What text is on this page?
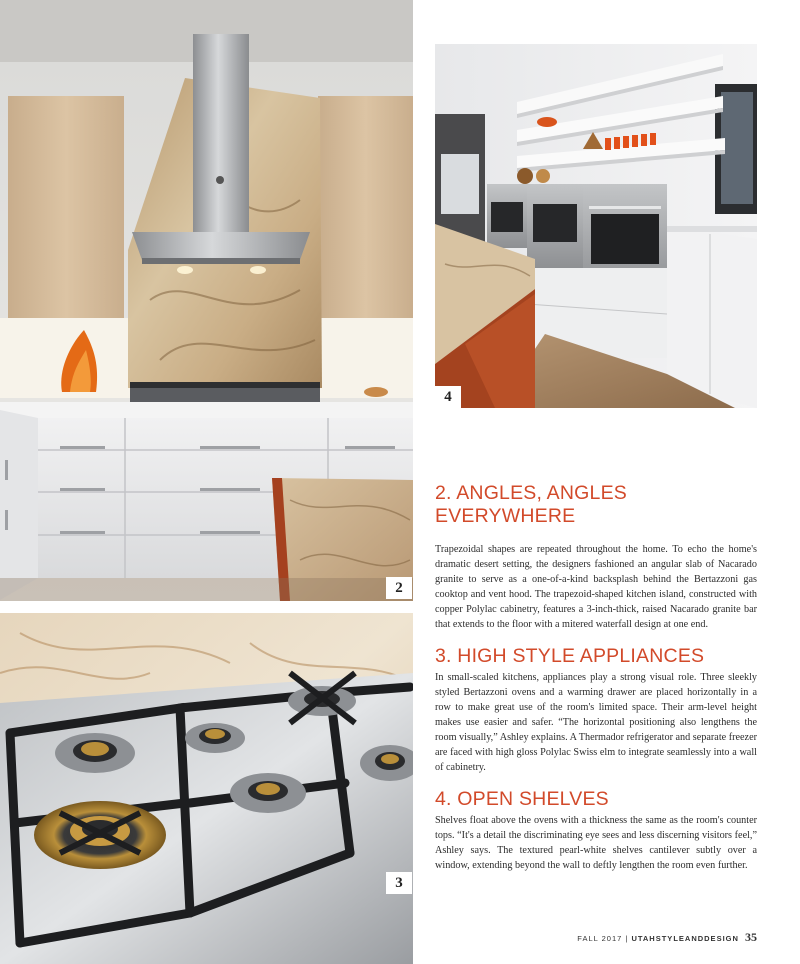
2
4
3
2. ANGLES, ANGLES EVERYWHERE

Trapezoidal shapes are repeated throughout the home. To echo the home's dramatic desert setting, the designers fashioned an angular slab of Nacarado granite to serve as a one-of-a-kind backsplash behind the Bertazzoni gas cooktop and vent hood. The trapezoid-shaped kitchen island, constructed with copper Polylac cabinetry, features a 3-inch-thick, raised Nacarado granite bar that extends to the floor with a mitered waterfall design at one end.

3. HIGH STYLE APPLIANCES

In small-scaled kitchens, appliances play a strong visual role. Three sleekly styled Bertazzoni ovens and a warming drawer are placed horizontally in a row to make great use of the room's limited space. Their arm-level height makes use easier and safer. “The horizontal positioning also lengthens the room visually,” Ashley explains. A Thermador refrigerator and separate freezer are faced with high gloss Polylac Swiss elm to integrate seamlessly into a wall of cabinetry.

4. OPEN SHELVES

Shelves float above the ovens with a thickness the same as the room's counter tops. “It's a detail the discriminating eye sees and less discerning visitors feel,” Ashley says. The textured pearl-white shelves cantilever subtly over a window, extending beyond the wall to deftly lengthen the room even further.

FALL 2017 | UTAHSTYLEANDDESIGN 35
